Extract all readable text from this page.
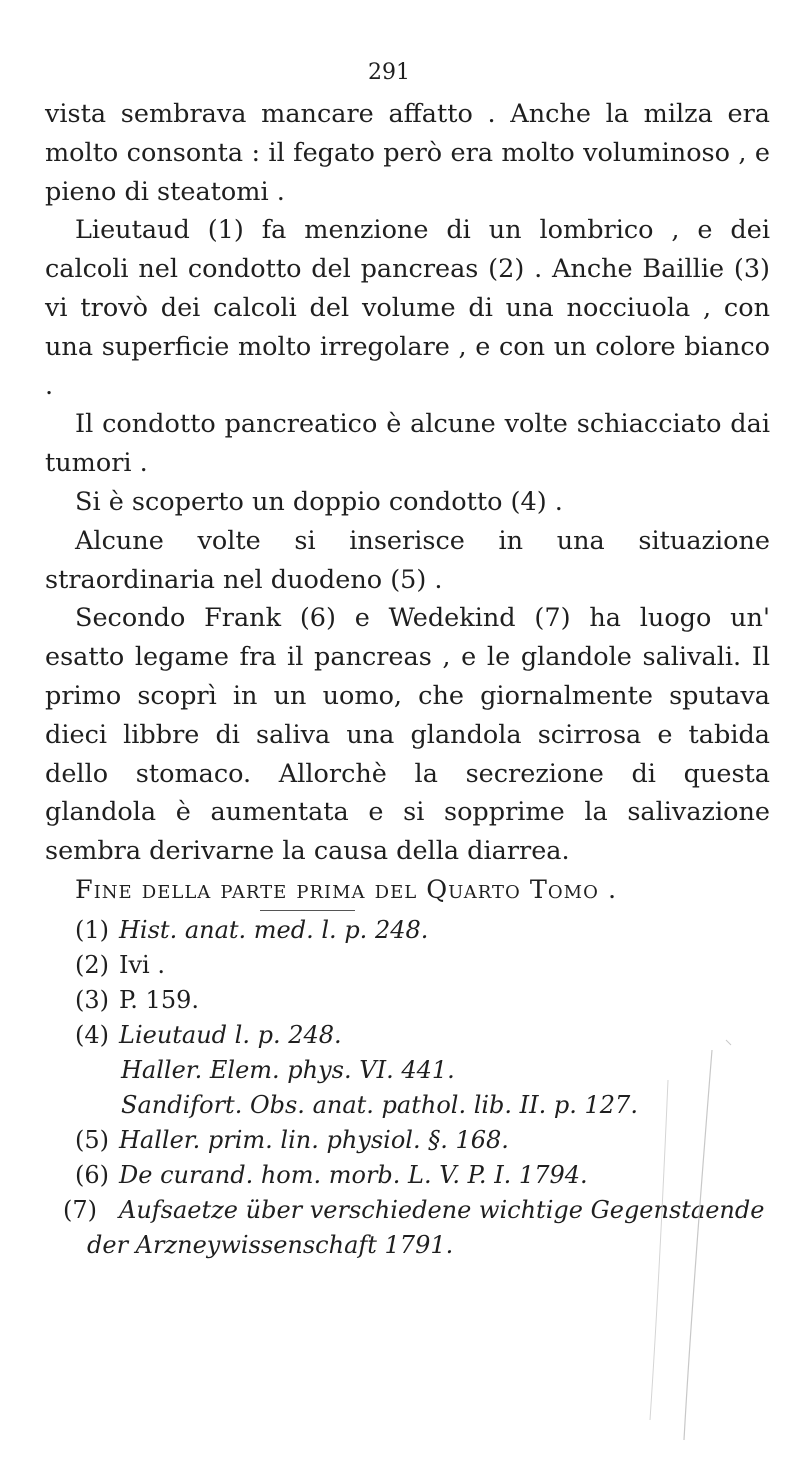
291

vista sembrava mancare affatto . Anche la milza era molto consonta : il fegato però era molto voluminoso , e pieno di steatomi .

Lieutaud (1) fa menzione di un lombrico , e dei calcoli nel condotto del pancreas (2) . Anche Baillie (3) vi trovò dei calcoli del volume di una nocciuola , con una superficie molto irregolare , e con un colore bianco .

Il condotto pancreatico è alcune volte schiacciato dai tumori .

Si è scoperto un doppio condotto (4) .

Alcune volte si inserisce in una situazione straordinaria nel duodeno (5) .

Secondo Frank (6) e Wedekind (7) ha luogo un' esatto legame fra il pancreas , e le glandole salivali. Il primo scoprì in un uomo, che giornalmente sputava dieci libbre di saliva una glandola scirrosa e tabida dello stomaco. Allorchè la secrezione di questa glandola è aumentata e si sopprime la salivazione sembra derivarne la causa della diarrea.

Fine della parte prima del Quarto Tomo .

(1) Hist. anat. med. l. p. 248.
(2) Ivi .
(3) P. 159.
(4) Lieutaud l. p. 248.
Haller. Elem. phys. VI. 441.
Sandifort. Obs. anat. pathol. lib. II. p. 127.
(5) Haller. prim. lin. physiol. §. 168.
(6) De curand. hom. morb. L. V. P. I. 1794.
(7) Aufsaetze über verschiedene wichtige Gegenstaende der Arzneywissenschaft 1791.
